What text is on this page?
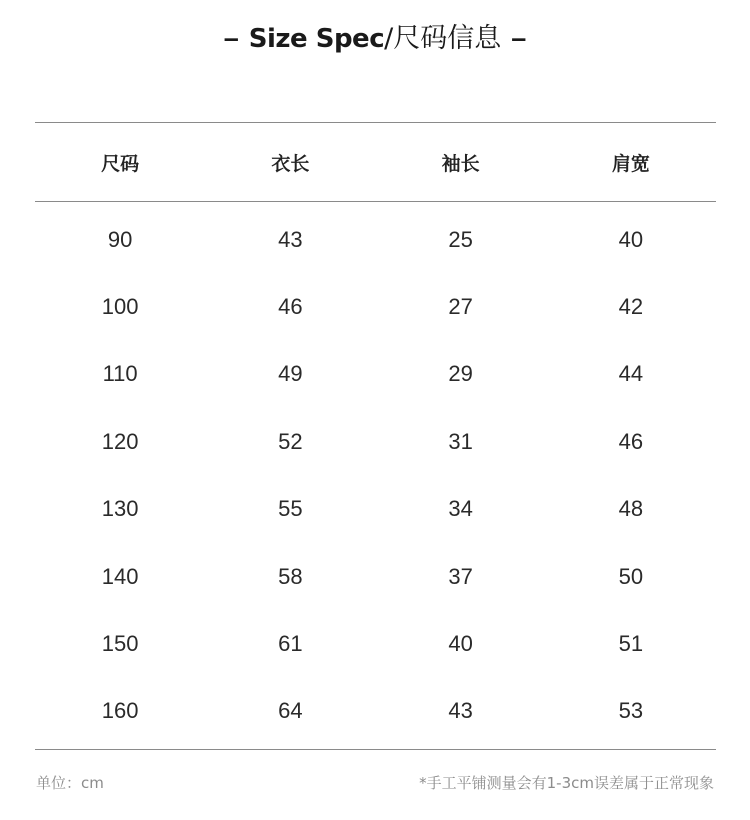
– Size Spec/尺码信息 –
尺码	衣长	袖长	肩宽
90	43	25	40
100	46	27	42
110	49	29	44
120	52	31	46
130	55	34	48
140	58	37	50
150	61	40	51
160	64	43	53
单位：cm	*手工平铺测量会有1-3cm误差属于正常现象
